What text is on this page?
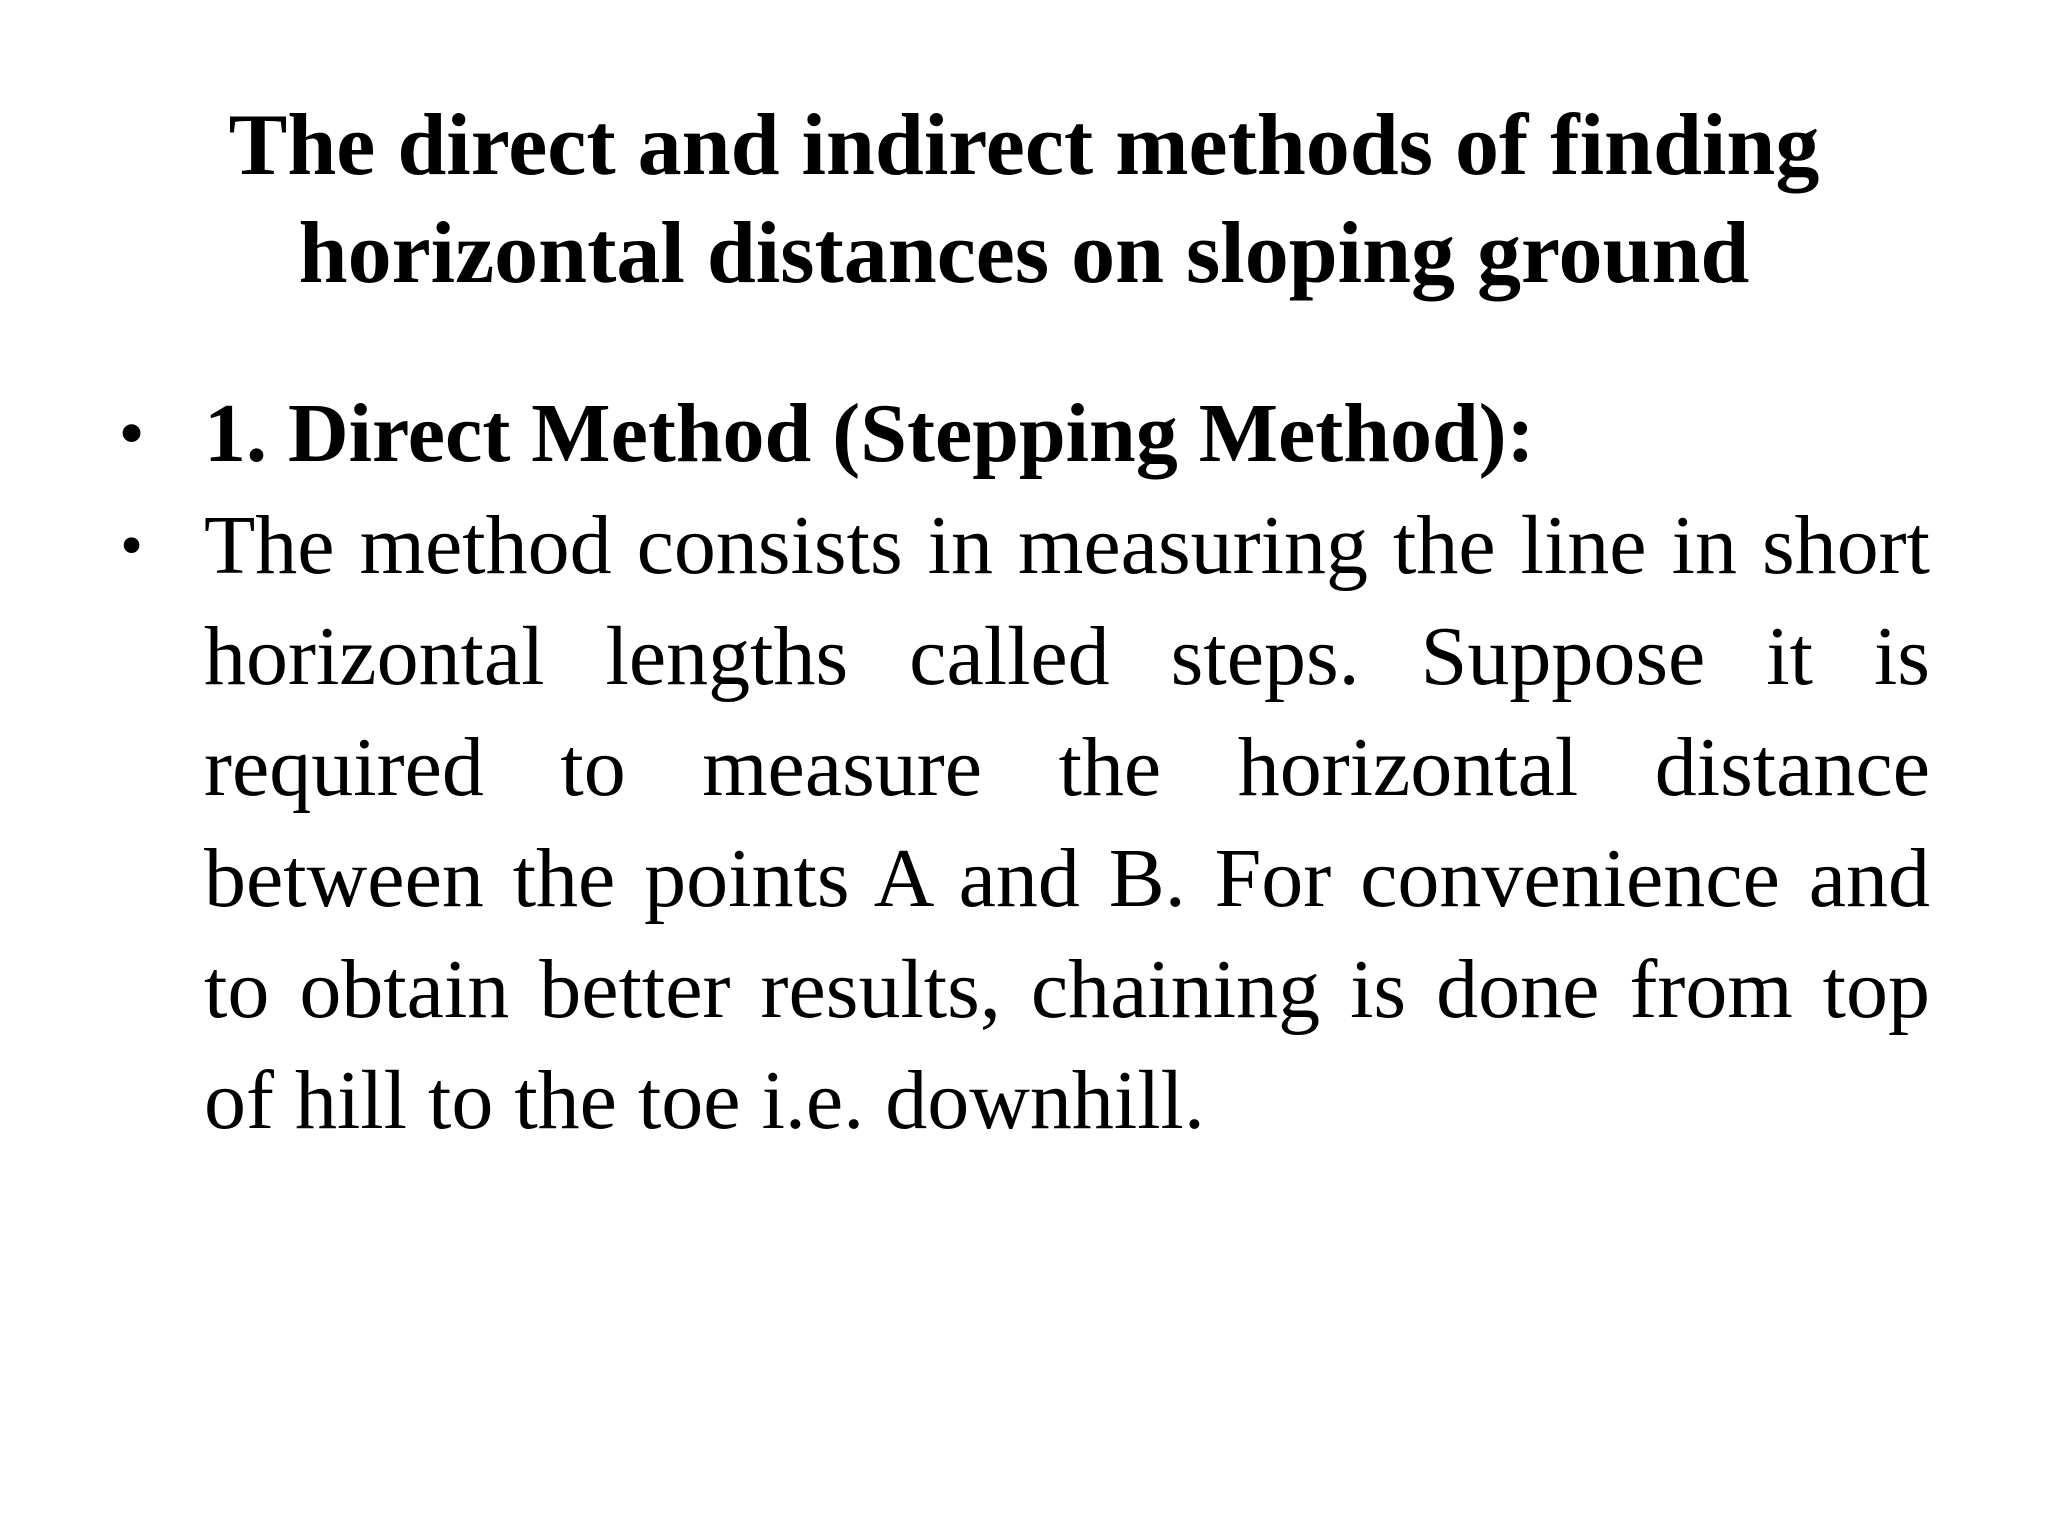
The direct and indirect methods of finding
horizontal distances on sloping ground
• 1. Direct Method (Stepping Method):
• The method consists in measuring the line in short horizontal lengths called steps. Suppose it is required to measure the horizontal distance between the points A and B. For convenience and to obtain better results, chaining is done from top of hill to the toe i.e. downhill.
